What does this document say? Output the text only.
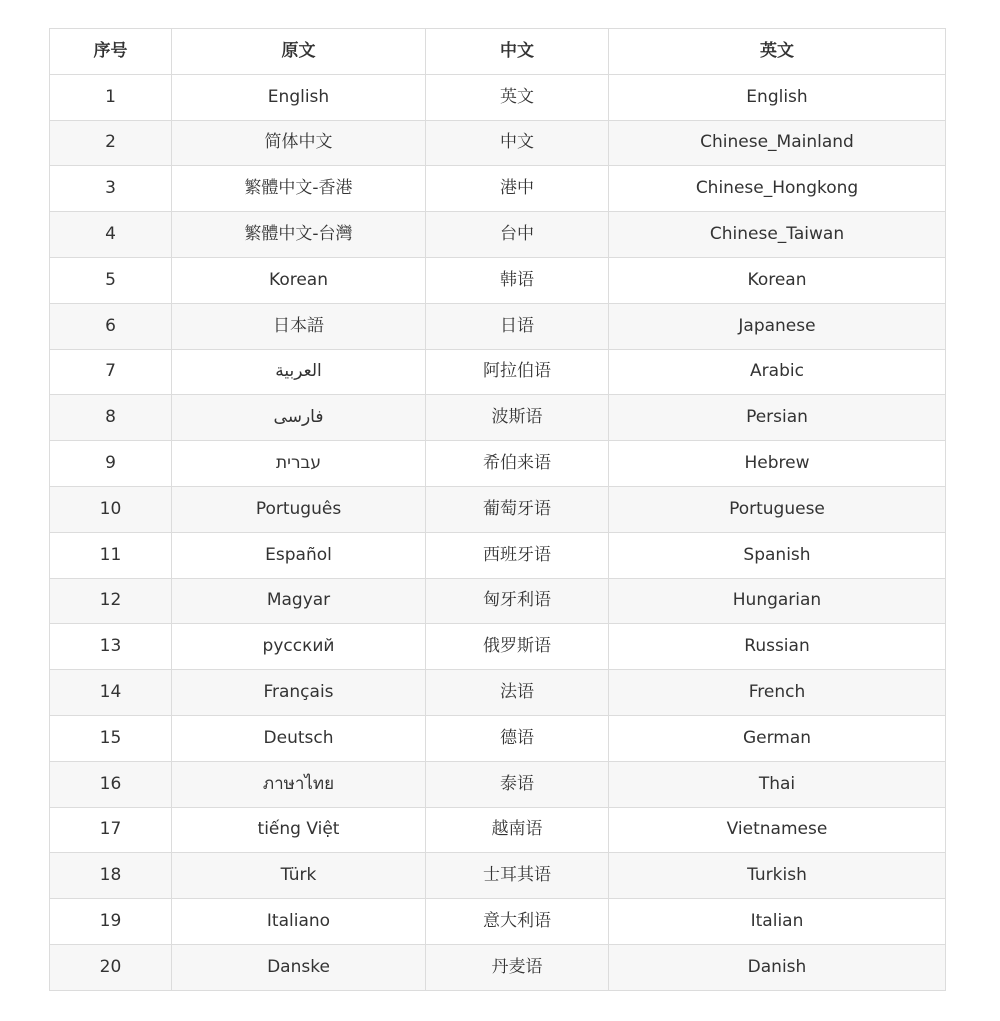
序号	原文	中文	英文
1	English	英文	English
2	简体中文	中文	Chinese_Mainland
3	繁體中文-香港	港中	Chinese_Hongkong
4	繁體中文-台灣	台中	Chinese_Taiwan
5	Korean	韩语	Korean
6	日本語	日语	Japanese
7	العربية	阿拉伯语	Arabic
8	فارسی	波斯语	Persian
9	עברית	希伯来语	Hebrew
10	Português	葡萄牙语	Portuguese
11	Español	西班牙语	Spanish
12	Magyar	匈牙利语	Hungarian
13	русский	俄罗斯语	Russian
14	Français	法语	French
15	Deutsch	德语	German
16	ภาษาไทย	泰语	Thai
17	tiếng Việt	越南语	Vietnamese
18	Türk	士耳其语	Turkish
19	Italiano	意大利语	Italian
20	Danske	丹麦语	Danish
